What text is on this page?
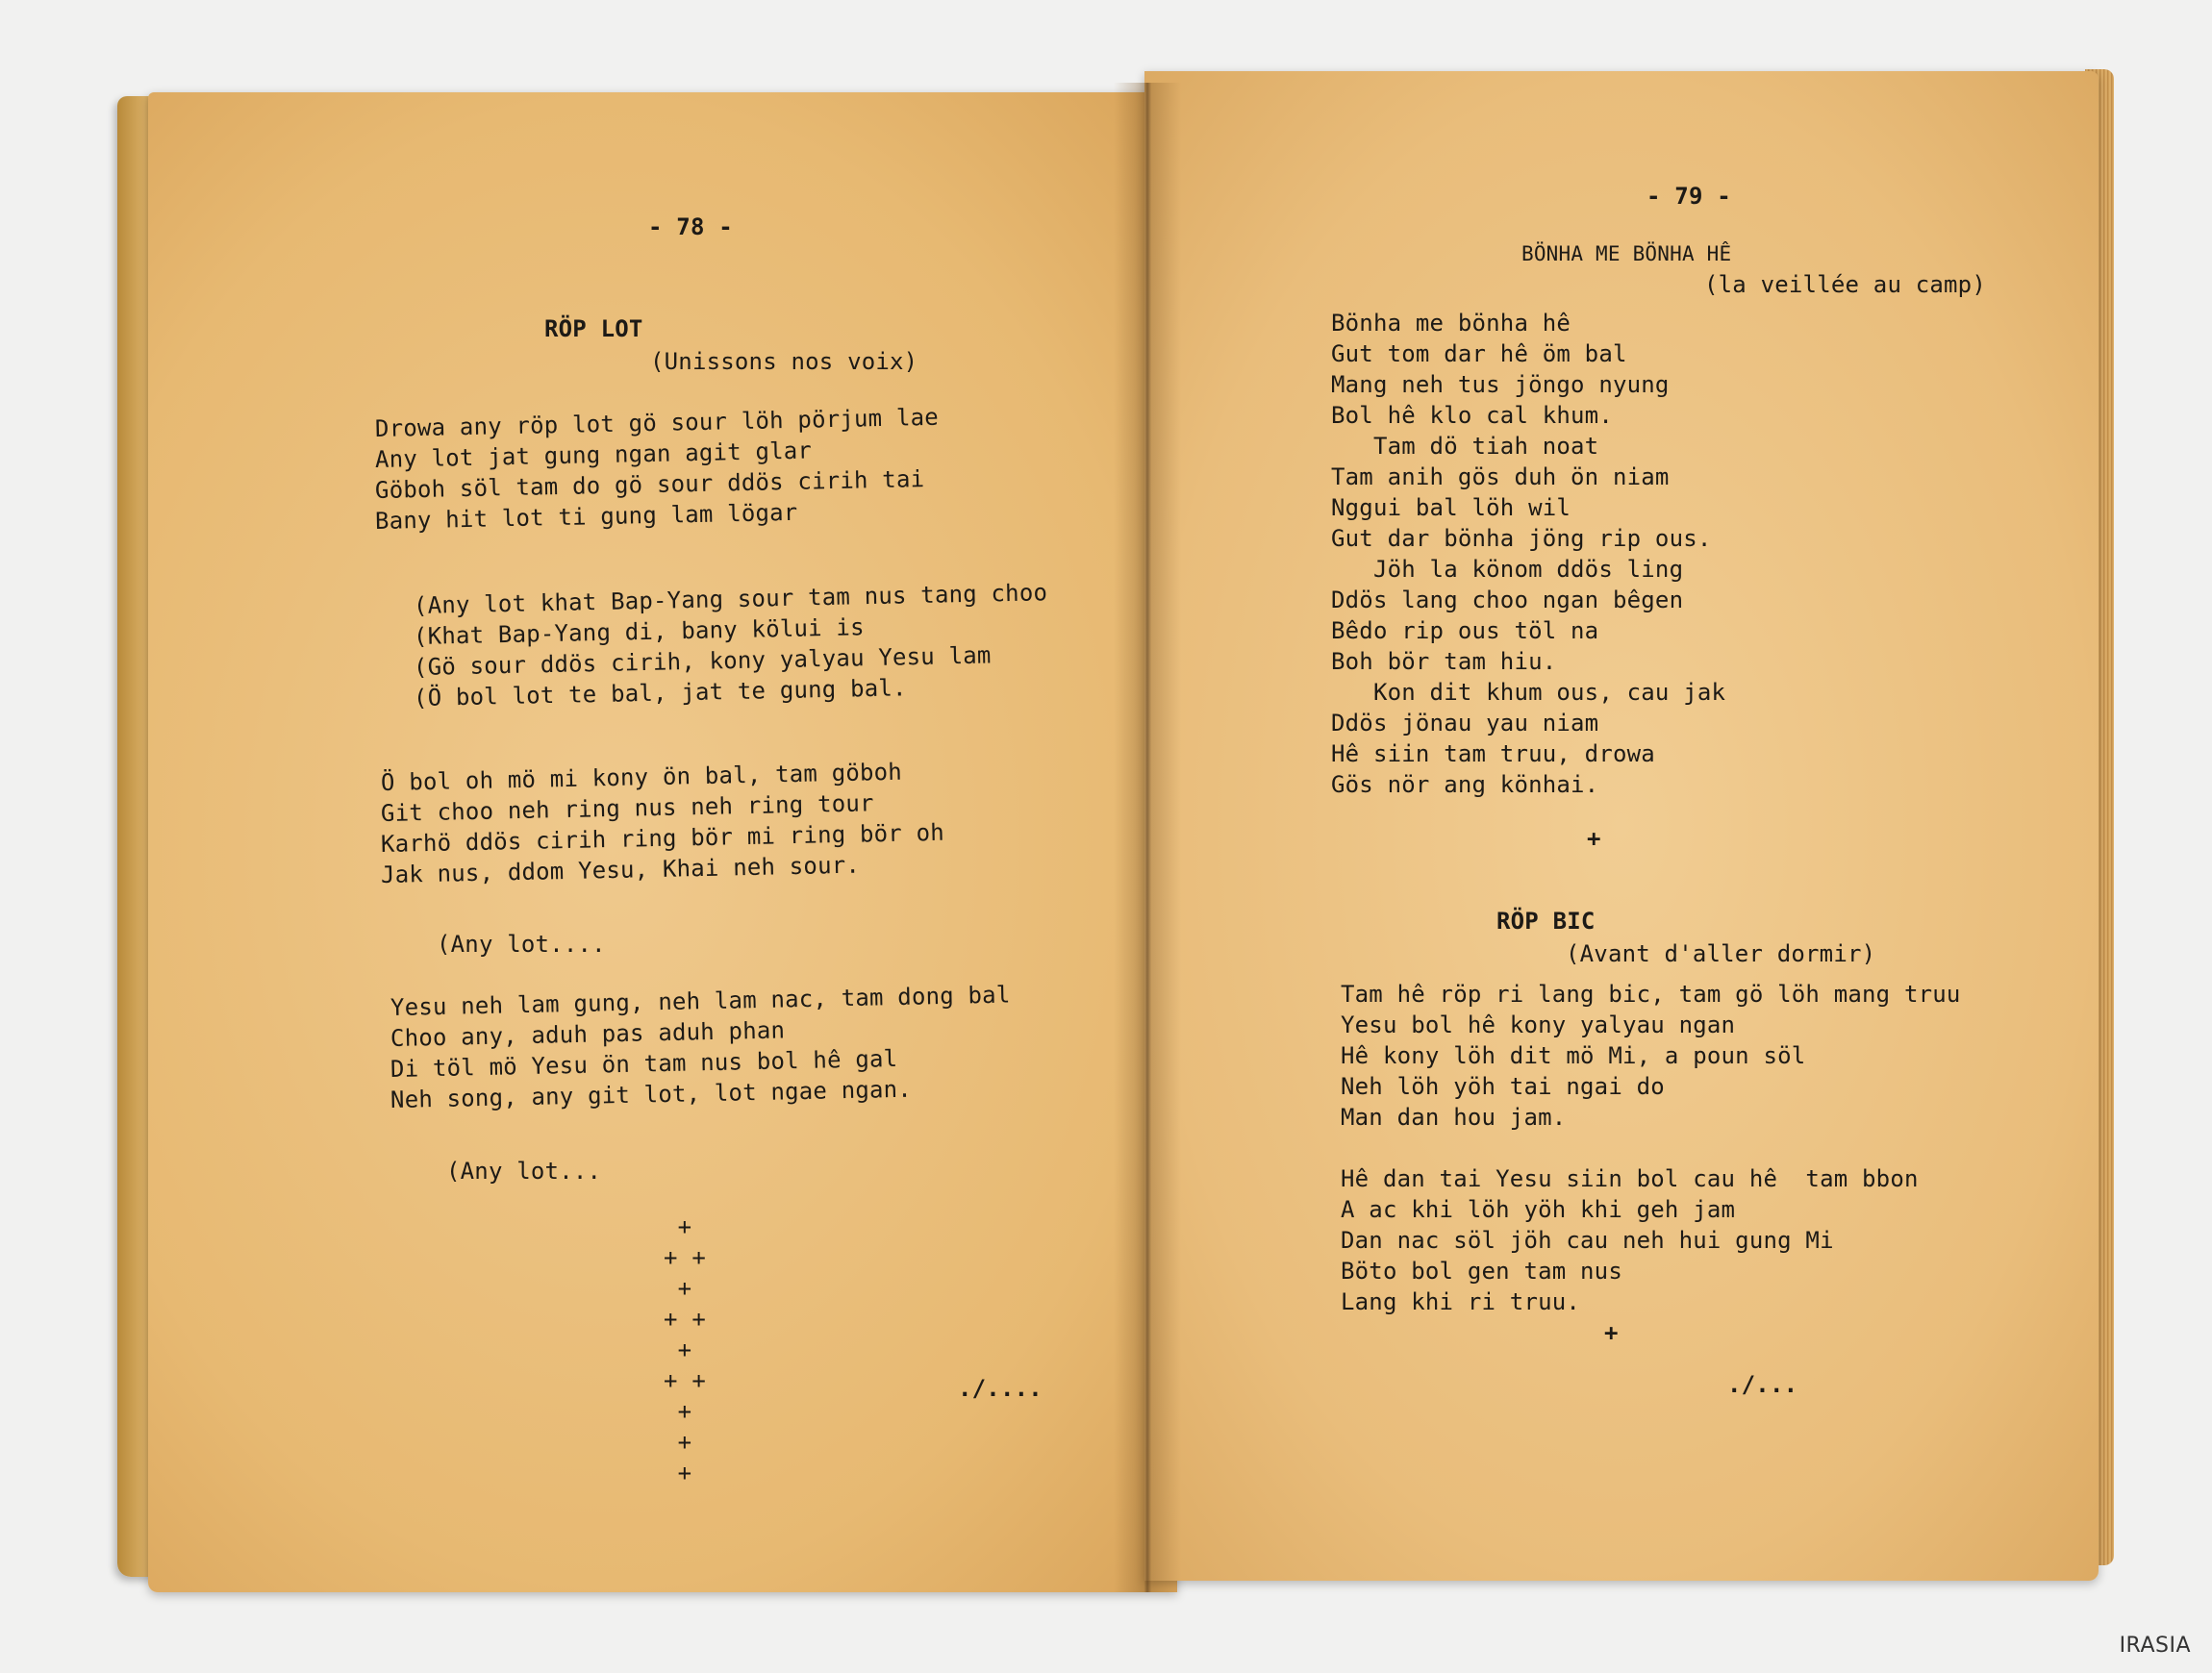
- 78 -

RÖP LOT

(Unissons nos voix)

Drowa any röp lot gö sour löh pörjum lae

Any lot jat gung ngan agit glar

Göboh söl tam do gö sour ddös cirih tai

Bany hit lot ti gung lam lögar

(Any lot khat Bap-Yang sour tam nus tang choo

(Khat Bap-Yang di, bany kölui is

(Gö sour ddös cirih, kony yalyau Yesu lam

(Ö bol lot te bal, jat te gung bal.

Ö bol oh mö mi kony ön bal, tam göboh

Git choo neh ring nus neh ring tour

Karhö ddös cirih ring bör mi ring bör oh

Jak nus, ddom Yesu, Khai neh sour.

(Any lot....

Yesu neh lam gung, neh lam nac, tam dong bal

Choo any, aduh pas aduh phan

Di töl mö Yesu ön tam nus bol hê gal

Neh song, any git lot, lot ngae ngan.

(Any lot...

+

+ +

+

+ +

+

+ +

+

+

+

./....

- 79 -

BÖNHA ME BÖNHA HÊ

(la veillée au camp)

Bönha me bönha hê

Gut tom dar hê öm bal

Mang neh tus jöngo nyung

Bol hê klo cal khum.

Tam dö tiah noat

Tam anih gös duh ön niam

Nggui bal löh wil

Gut dar bönha jöng rip ous.

Jöh la könom ddös ling

Ddös lang choo ngan bêgen

Bêdo rip ous töl na

Boh bör tam hiu.

Kon dit khum ous, cau jak

Ddös jönau yau niam

Hê siin tam truu, drowa

Gös nör ang könhai.

+

RÖP BIC

(Avant d'aller dormir)

Tam hê röp ri lang bic, tam gö löh mang truu

Yesu bol hê kony yalyau ngan

Hê kony löh dit mö Mi, a poun söl

Neh löh yöh tai ngai do

Man dan hou jam.

Hê dan tai Yesu siin bol cau hê  tam bbon

A ac khi löh yöh khi geh jam

Dan nac söl jöh cau neh hui gung Mi

Böto bol gen tam nus

Lang khi ri truu.

+

./...

IRASIA
